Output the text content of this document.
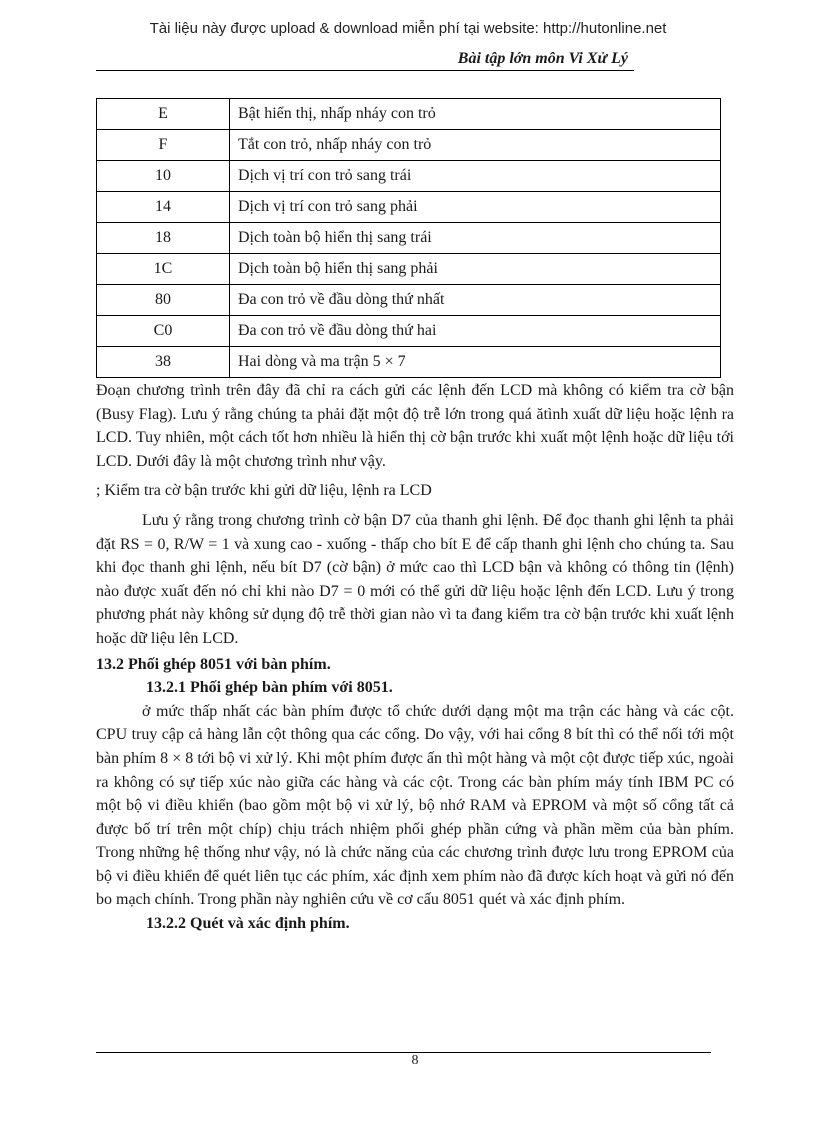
Tài liệu này được upload & download miễn phí tại website: http://hutonline.net
Bài tập lớn môn Vi Xử Lý
E	Bật hiển thị, nhấp nháy con trỏ
F	Tắt con trỏ, nhấp nháy con trỏ
10	Dịch vị trí con trỏ sang trái
14	Dịch vị trí con trỏ sang phải
18	Dịch toàn bộ hiển thị sang trái
1C	Dịch toàn bộ hiển thị sang phải
80	Đa con trỏ về đầu dòng thứ nhất
C0	Đa con trỏ về đầu dòng thứ hai
38	Hai dòng và ma trận 5 × 7

Đoạn chương trình trên đây đã chỉ ra cách gửi các lệnh đến LCD mà không có kiểm tra cờ bận (Busy Flag). Lưu ý rằng chúng ta phải đặt một độ trễ lớn trong quá ătình xuất dữ liệu hoặc lệnh ra LCD. Tuy nhiên, một cách tốt hơn nhiều là hiển thị cờ bận trước khi xuất một lệnh hoặc dữ liệu tới LCD. Dưới đây là một chương trình như vậy.

; Kiểm tra cờ bận trước khi gửi dữ liệu, lệnh ra LCD

Lưu ý rằng trong chương trình cờ bận D7 của thanh ghi lệnh. Để đọc thanh ghi lệnh ta phải đặt RS = 0, R/W = 1 và xung cao - xuống - thấp cho bít E để cấp thanh ghi lệnh cho chúng ta. Sau khi đọc thanh ghi lệnh, nếu bít D7 (cờ bận) ở mức cao thì LCD bận và không có thông tin (lệnh) nào được xuất đến nó chỉ khi nào D7 = 0 mới có thể gửi dữ liệu hoặc lệnh đến LCD. Lưu ý trong phương phát này không sử dụng độ trễ thời gian nào vì ta đang kiểm tra cờ bận trước khi xuất lệnh hoặc dữ liệu lên LCD.

13.2 Phối ghép 8051 với bàn phím.

13.2.1 Phối ghép bàn phím với 8051.

ở mức thấp nhất các bàn phím được tổ chức dưới dạng một ma trận các hàng và các cột. CPU truy cập cả hàng lẫn cột thông qua các cổng. Do vậy, với hai cổng 8 bít thì có thể nối tới một bàn phím 8 × 8 tới bộ vi xử lý. Khi một phím được ấn thì một hàng và một cột được tiếp xúc, ngoài ra không có sự tiếp xúc nào giữa các hàng và các cột. Trong các bàn phím máy tính IBM PC có một bộ vi điều khiển (bao gồm một bộ vi xử lý, bộ nhớ RAM và EPROM và một số cổng tất cả được bố trí trên một chíp) chịu trách nhiệm phối ghép phần cứng và phần mềm của bàn phím. Trong những hệ thống như vậy, nó là chức năng của các chương trình được lưu trong EPROM của bộ vi điều khiển để quét liên tục các phím, xác định xem phím nào đã được kích hoạt và gửi nó đến bo mạch chính. Trong phần này nghiên cứu về cơ cấu 8051 quét và xác định phím.

13.2.2 Quét và xác định phím.

8
